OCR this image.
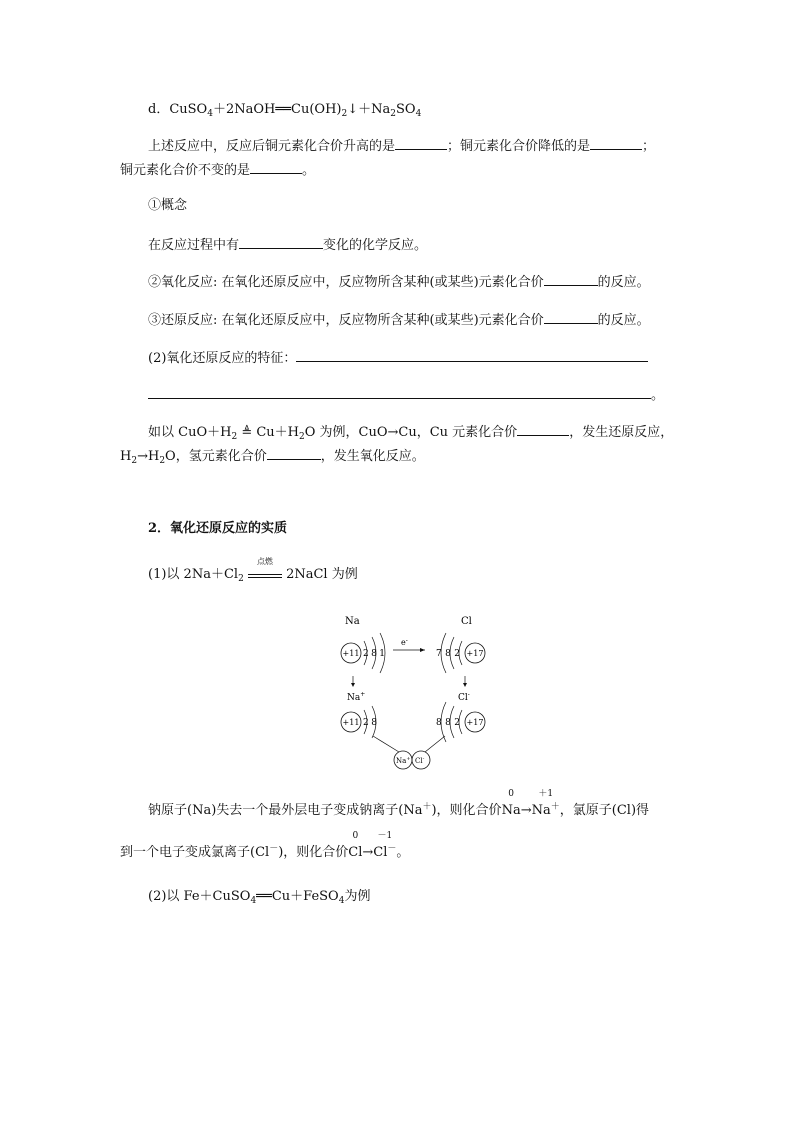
d．$CuSO_4+2NaOH══Cu(OH)_2↓+Na_2SO_4$
上述反应中，反应后铜元素化合价升高的是	；铜元素化合价降低的是	；
铜元素化合价不变的是	。
①概念
在反应过程中有	变化的化学反应。
②氧化反应: 在氧化还原反应中，反应物所含某种(或某些)元素化合价	的反应。
③还原反应: 在氧化还原反应中，反应物所含某种(或某些)元素化合价	的反应。
(2)氧化还原反应的特征：
。
如以 $CuO+H_2$ ≜ $Cu+H_2O$ 为例，CuO→Cu，Cu 元素化合价	，发生还原反应，
$H_2\to H_2O$，氢元素化合价	，发生氧化反应。
2．氧化还原反应的实质
(1)以 $2Na+Cl_2$
点燃
2NaCl 为例
Na	Cl
+11 2 8 1
e-
7 8 2 +17
Na+	Cl-
+11 2 8	8 8 2 +17
Na+ Cl-
钠原子(Na)失去一个最外层电子变成钠离子(Na＋)，则化合价
0
Na→
＋1
Na＋，氯原子(Cl)得
到一个电子变成氯离子(Cl－)，则化合价
0
Cl→
－1
Cl－。
(2)以 Fe＋CuSO$_4$══Cu＋FeSO$_4$为例
